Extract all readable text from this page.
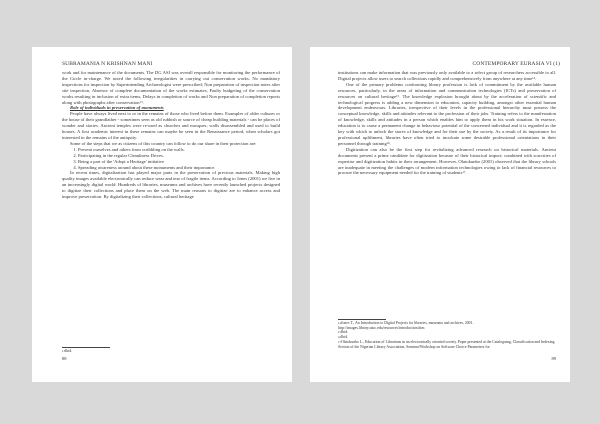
SUBRAMANIA N KRISHNAN MANI

work and for maintenance of the documents. The DG ASI was overall responsible for monitoring the performance of the Circle in-charge. We noted the following irregularities in carrying out conservation works: No mandatory inspections for inspection by Superintending Archaeologist were prescribed; Non preparation of inspection notes after site inspection, Absence of complete documentation of the works estimates, Faulty budgeting of the conservation works resulting in inclusion of extra items, Delays in completion of works and Non preparation of completion reports along with photographs after conservation$^{13}$.

Role of individuals in preservation of monuments

People have always lived next to or in the remains of those who lived before them. Examples of older cultures or the house of their grandfather - sometimes seen as old rubbish or source of cheap building materials - can be places of wonder and stories. Ancient temples were re-used as churches and mosques; walls disassembled and used to build houses. A first academic interest in these remains can maybe be seen in the Renaissance period, when scholars got interested in the remains of the antiquity.

Some of the steps that we as citizens of this country can follow to do our share in their protection are:

1. Prevent ourselves and others from scribbling on the walls.
2. Participating in the regular Cleanliness Drives.
3. Being a part of the 'Adopt a Heritage' initiative
4. Spreading awareness around about these monuments and their importance.

In recent times, digitalization has played major parts in the preservation of precious materials. Making high quality images available electronically can reduce wear and tear of fragile items. According to Jones (2001) we live in an increasingly digital world. Hundreds of libraries, museums and archives have recently launched projects designed to digitize their collections and place them on the web. The main reasons to digitize are to enhance access and improve preservation. By digitalizing their collections, cultural heritage

$^{13}$Ibid.
88
CONTEMPORARY EURASIA VI (1)

institutions can make information that was previously only available to a select group of researchers accessible to all. Digital projects allow users to search collections rapidly and comprehensively from anywhere at any time$^{14}$.

One of the primary problems confronting library profession is lack of commitment by the available human resources, particularly, in the areas of information and communication technologies (ICTs) and preservation of resources on cultural heritage$^{15}$. The knowledge explosion brought about by the acceleration of scientific and technological progress is adding a new dimension to education, capacity building, amongst other essential human development endeavours. Libraries, irrespective of their levels in the professional hierarchy must possess the conceptual knowledge, skills and attitudes relevant to the profession of their jobs. Training refers to the manifestation of knowledge, skills and attitudes in a person which enables him to apply them in his work situation. In essence, education is to cause a permanent change in behaviour potential of the concerned individual and it is regarded as the key with which to unlock the stores of knowledge and for their use by the society. As a result of its importance for professional upliftment, libraries have often tried to inculcate some desirable professional orientations in their personnel through training$^{16}$.

Digitization can also be the first step for revitalizing advanced research on historical materials. Ancient documents present a prime candidate for digitization because of their historical import; combined with scarcities of expertise and digitization habits in their arrangement. However, Olatokunbo (2001) observed that the library schools are inadequate in meeting the challenges of modern information technologies owing to lack of financial resources to procure the necessary equipment needed for the training of students$^{17}$.

$^{14}$Jones T., An Introduction to Digital Projects for libraries, museums and archives, 2001. http://images.library.uiuc.edu/resources/introduction.htm
$^{15}$Ibid.
$^{16}$Ibid.
$^{17}$Olatokunbo L., Education of Librarians in an electronically oriented society. Paper presented at the Cataloguing, Classification and Indexing Section of the Nigerian Library Association, Seminar/Workshop on Software Choice Parameters for
89
